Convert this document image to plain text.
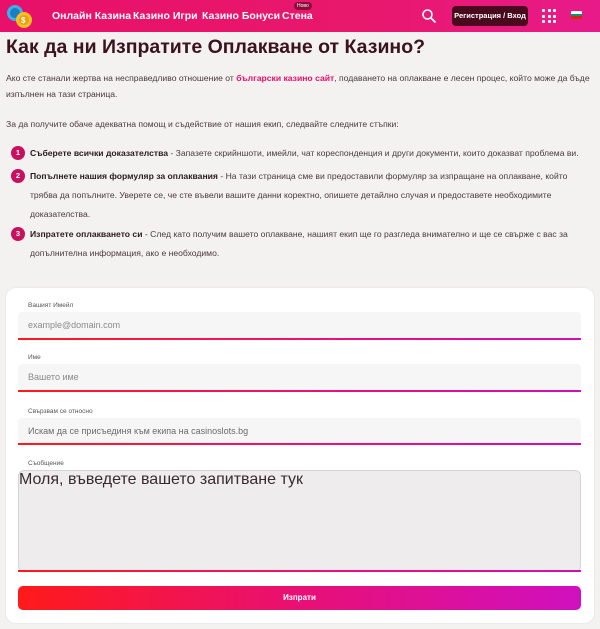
$	Онлайн Казина Казино Игри Казино Бонуси Стена
Ново
Регистрация / Вход
Как да ни Изпратите Оплакване от Казино?
Ако сте станали жертва на несправедливо отношение от български казино сайт, подаването на оплакване е лесен процес, който може да бъде изпълнен на тази страница.
За да получите обаче адекватна помощ и съдействие от нашия екип, следвайте следните стъпки:
1	Съберете всички доказателства - Запазете скрийншоти, имейли, чат кореспонденция и други документи, които доказват проблема ви.
2	Попълнете нашия формуляр за оплаквания - На тази страница сме ви предоставили формуляр за изпращане на оплакване, който трябва да попълните. Уверете се, че сте въвели вашите данни коректно, опишете детайлно случая и предоставете необходимите доказателства.
3	Изпратете оплакването си - След като получим вашето оплакване, нашият екип ще го разгледа внимателно и ще се свърже с вас за допълнителна информация, ако е необходимо.
Вашият Имейл
example@domain.com
Име
Вашето име
Свързвам се относно
Искам да се присъединя към екипа на casinoslots.bg
Съобщение
Моля, въведете вашето запитване тук
Изпрати
